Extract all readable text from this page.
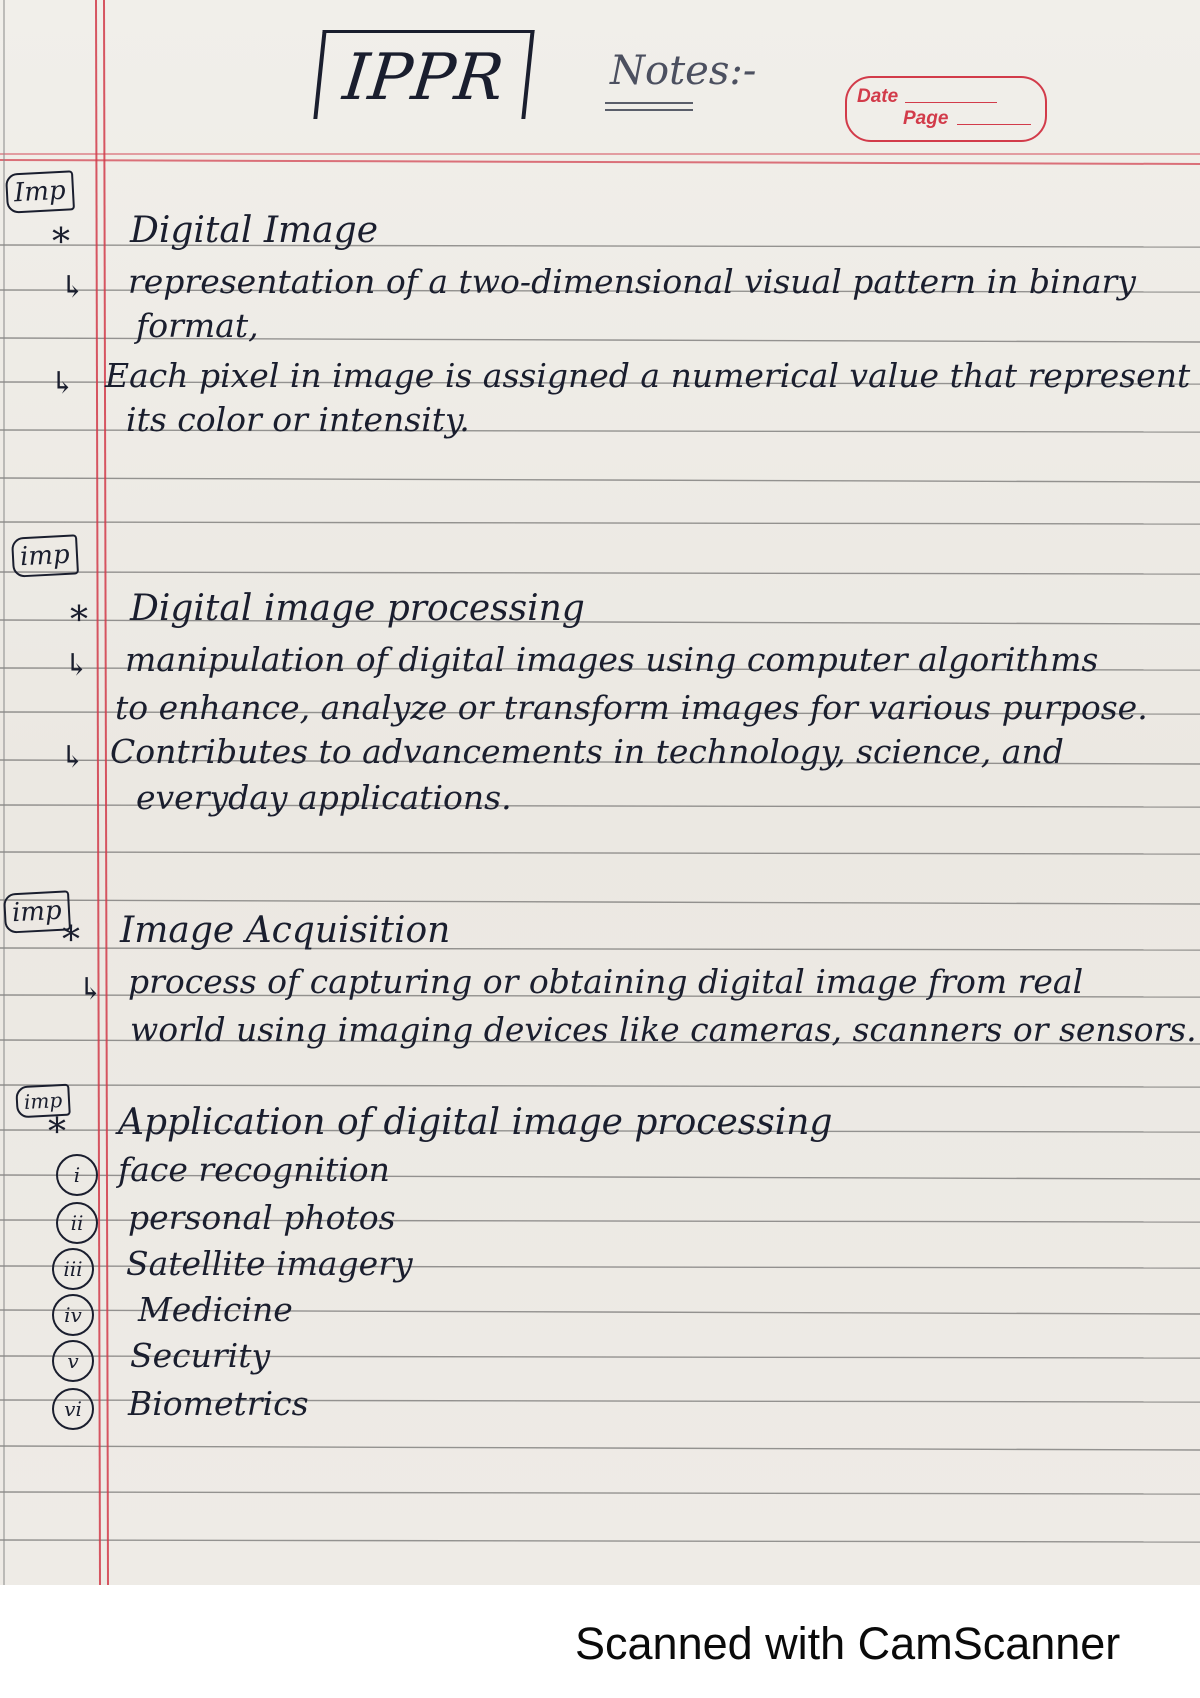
IPPR	Notes:-
Date
Page
Imp
* Digital Image
↳ representation of a two-dimensional visual pattern in binary
format,
↳ Each pixel in image is assigned a numerical value that represent
its color or intensity.
imp
* Digital image processing
↳ manipulation of digital images using computer algorithms
to enhance, analyze or transform images for various purpose.
↳ Contributes to advancements in technology, science, and
everyday applications.
imp
* Image Acquisition
↳ process of capturing or obtaining digital image from real
world using imaging devices like cameras, scanners or sensors.
imp
* Application of digital image processing
i	face recognition
ii	personal photos
iii	Satellite imagery
iv	Medicine
v	Security
vi	Biometrics
Scanned with CamScanner
